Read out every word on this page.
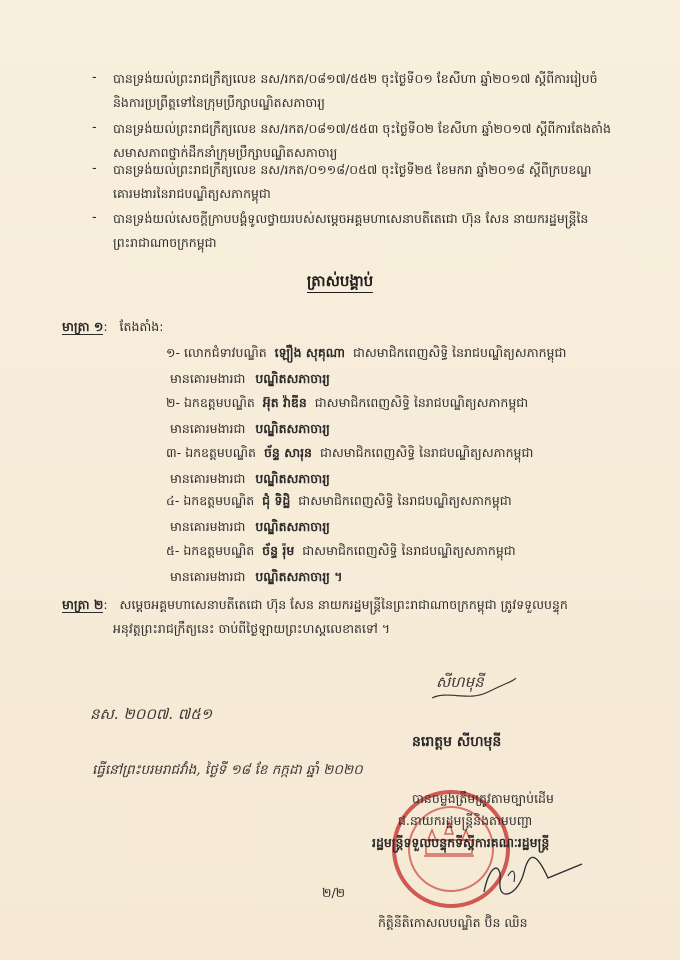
- បានទ្រង់យល់ព្រះរាជក្រឹត្យលេខ នស/រកត/០៨១៧/៥៥២ ចុះថ្ងៃទី០១ ខែសីហា ឆ្នាំ២០១៧ ស្តីពីការរៀបចំ
និងការប្រព្រឹត្តទៅនៃក្រុមប្រឹក្សាបណ្ឌិតសភាចារ្យ
- បានទ្រង់យល់ព្រះរាជក្រឹត្យលេខ នស/រកត/០៨១៧/៥៥៣ ចុះថ្ងៃទី០២ ខែសីហា ឆ្នាំ២០១៧ ស្តីពីការតែងតាំង
សមាសភាពថ្នាក់ដឹកនាំក្រុមប្រឹក្សាបណ្ឌិតសភាចារ្យ
- បានទ្រង់យល់ព្រះរាជក្រឹត្យលេខ នស/រកត/០១១៨/០៥៧ ចុះថ្ងៃទី២៥ ខែមករា ឆ្នាំ២០១៨ ស្តីពីក្របខណ្ឌ
គោរមងារនៃរាជបណ្ឌិត្យសភាកម្ពុជា
- បានទ្រង់យល់សេចក្តីក្រាបបង្គំទូលថ្វាយរបស់សម្តេចអគ្គមហាសេនាបតីតេជោ ហ៊ុន សែន នាយករដ្ឋមន្ត្រីនៃ
ព្រះរាជាណាចក្រកម្ពុជា
ត្រាស់បង្គាប់
មាត្រា ១: តែងតាំង:
១- លោកជំទាវបណ្ឌិត ឡឿង សុគុណា ជាសមាជិកពេញសិទ្ធិ នៃរាជបណ្ឌិត្យសភាកម្ពុជា
មានគោរមងារជា បណ្ឌិតសភាចារ្យ
២- ឯកឧត្តមបណ្ឌិត អ៊ុត វ៉ាឌីន ជាសមាជិកពេញសិទ្ធិ នៃរាជបណ្ឌិត្យសភាកម្ពុជា
មានគោរមងារជា បណ្ឌិតសភាចារ្យ
៣- ឯកឧត្តមបណ្ឌិត ច័ន្ទ សារុន ជាសមាជិកពេញសិទ្ធិ នៃរាជបណ្ឌិត្យសភាកម្ពុជា
មានគោរមងារជា បណ្ឌិតសភាចារ្យ
៤- ឯកឧត្តមបណ្ឌិត ជុំ ទិដ្ឋិ ជាសមាជិកពេញសិទ្ធិ នៃរាជបណ្ឌិត្យសភាកម្ពុជា
មានគោរមងារជា បណ្ឌិតសភាចារ្យ
៥- ឯកឧត្តមបណ្ឌិត ច័ន្ទ រ៉ុម ជាសមាជិកពេញសិទ្ធិ នៃរាជបណ្ឌិត្យសភាកម្ពុជា
មានគោរមងារជា បណ្ឌិតសភាចារ្យ ។
មាត្រា ២: សម្តេចអគ្គមហាសេនាបតីតេជោ ហ៊ុន សែន នាយករដ្ឋមន្ត្រីនៃព្រះរាជាណាចក្រកម្ពុជា ត្រូវទទួលបន្ទុក
អនុវត្តព្រះរាជក្រឹត្យនេះ ចាប់ពីថ្ងៃឡាយព្រះហស្តលេខាតទៅ ។
សីហមុនី
នស. ២០០៧. ៧៥១
នរោត្តម សីហមុនី
ធ្វើនៅព្រះបរមរាជវាំង, ថ្ងៃទី ១៨ ខែ កក្កដា ឆ្នាំ ២០២០
បានចម្លងត្រឹមត្រូវតាមច្បាប់ដើម
ជ.នាយករដ្ឋមន្ត្រីនិងតាមបញ្ជា
រដ្ឋមន្ត្រីទទួលបន្ទុកទីស្តីការគណៈរដ្ឋមន្ត្រី
២/២
កិត្តិនីតិកោសលបណ្ឌិត ប៊ិន ឈិន
